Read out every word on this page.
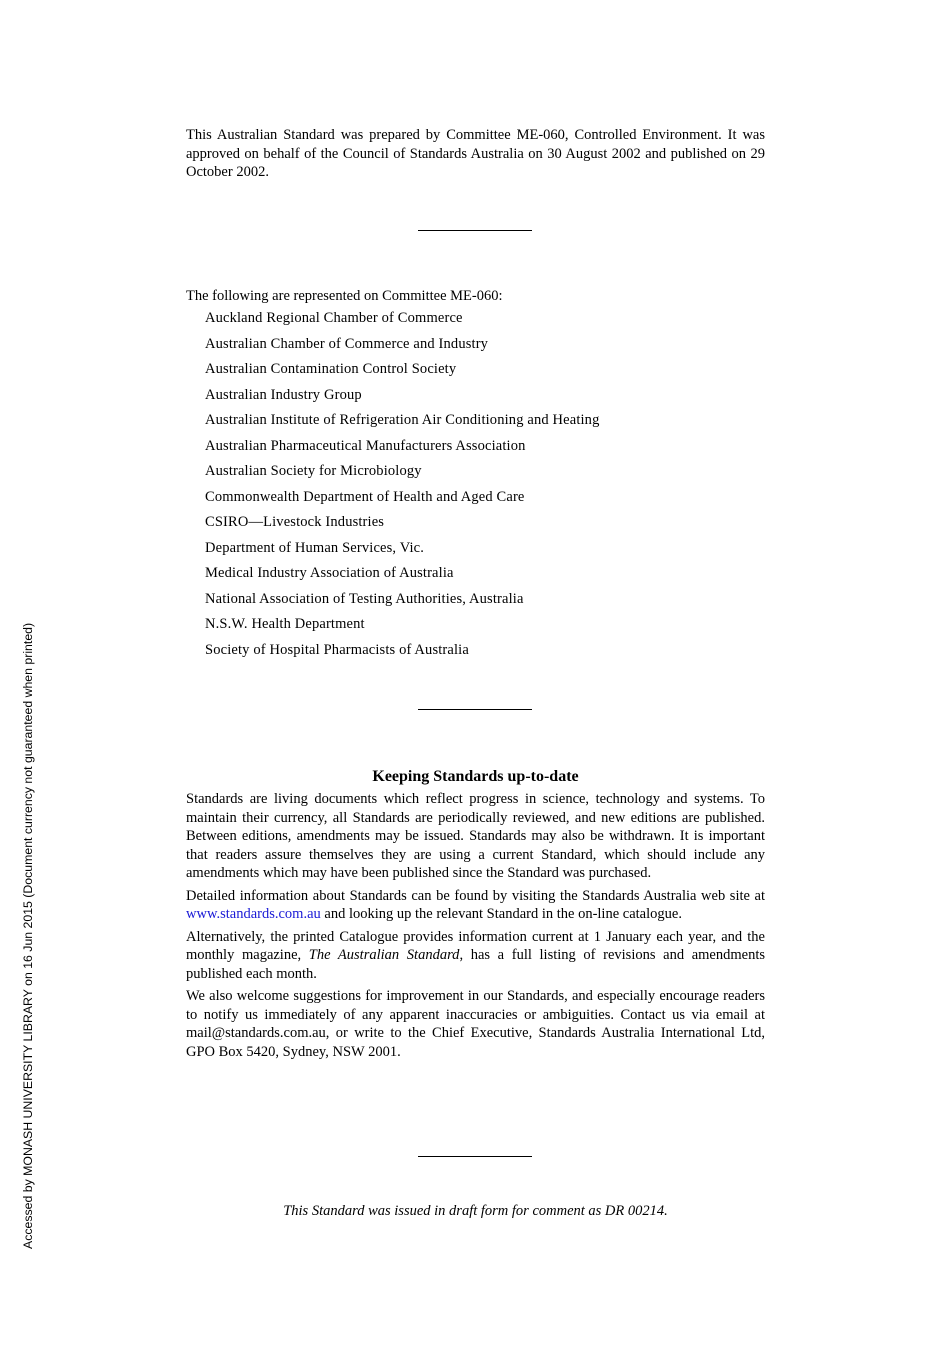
This Australian Standard was prepared by Committee ME-060, Controlled Environment. It was approved on behalf of the Council of Standards Australia on 30 August 2002 and published on 29 October 2002.

The following are represented on Committee ME-060:

Auckland Regional Chamber of Commerce
Australian Chamber of Commerce and Industry
Australian Contamination Control Society
Australian Industry Group
Australian Institute of Refrigeration Air Conditioning and Heating
Australian Pharmaceutical Manufacturers Association
Australian Society for Microbiology
Commonwealth Department of Health and Aged Care
CSIRO—Livestock Industries
Department of Human Services, Vic.
Medical Industry Association of Australia
National Association of Testing Authorities, Australia
N.S.W. Health Department
Society of Hospital Pharmacists of Australia
Keeping Standards up-to-date

Standards are living documents which reflect progress in science, technology and systems. To maintain their currency, all Standards are periodically reviewed, and new editions are published. Between editions, amendments may be issued. Standards may also be withdrawn. It is important that readers assure themselves they are using a current Standard, which should include any amendments which may have been published since the Standard was purchased.

Detailed information about Standards can be found by visiting the Standards Australia web site at www.standards.com.au and looking up the relevant Standard in the on-line catalogue.

Alternatively, the printed Catalogue provides information current at 1 January each year, and the monthly magazine, The Australian Standard, has a full listing of revisions and amendments published each month.

We also welcome suggestions for improvement in our Standards, and especially encourage readers to notify us immediately of any apparent inaccuracies or ambiguities. Contact us via email at mail@standards.com.au, or write to the Chief Executive, Standards Australia International Ltd, GPO Box 5420, Sydney, NSW 2001.

This Standard was issued in draft form for comment as DR 00214.
Accessed by MONASH UNIVERSITY LIBRARY on 16 Jun 2015 (Document currency not guaranteed when printed)
